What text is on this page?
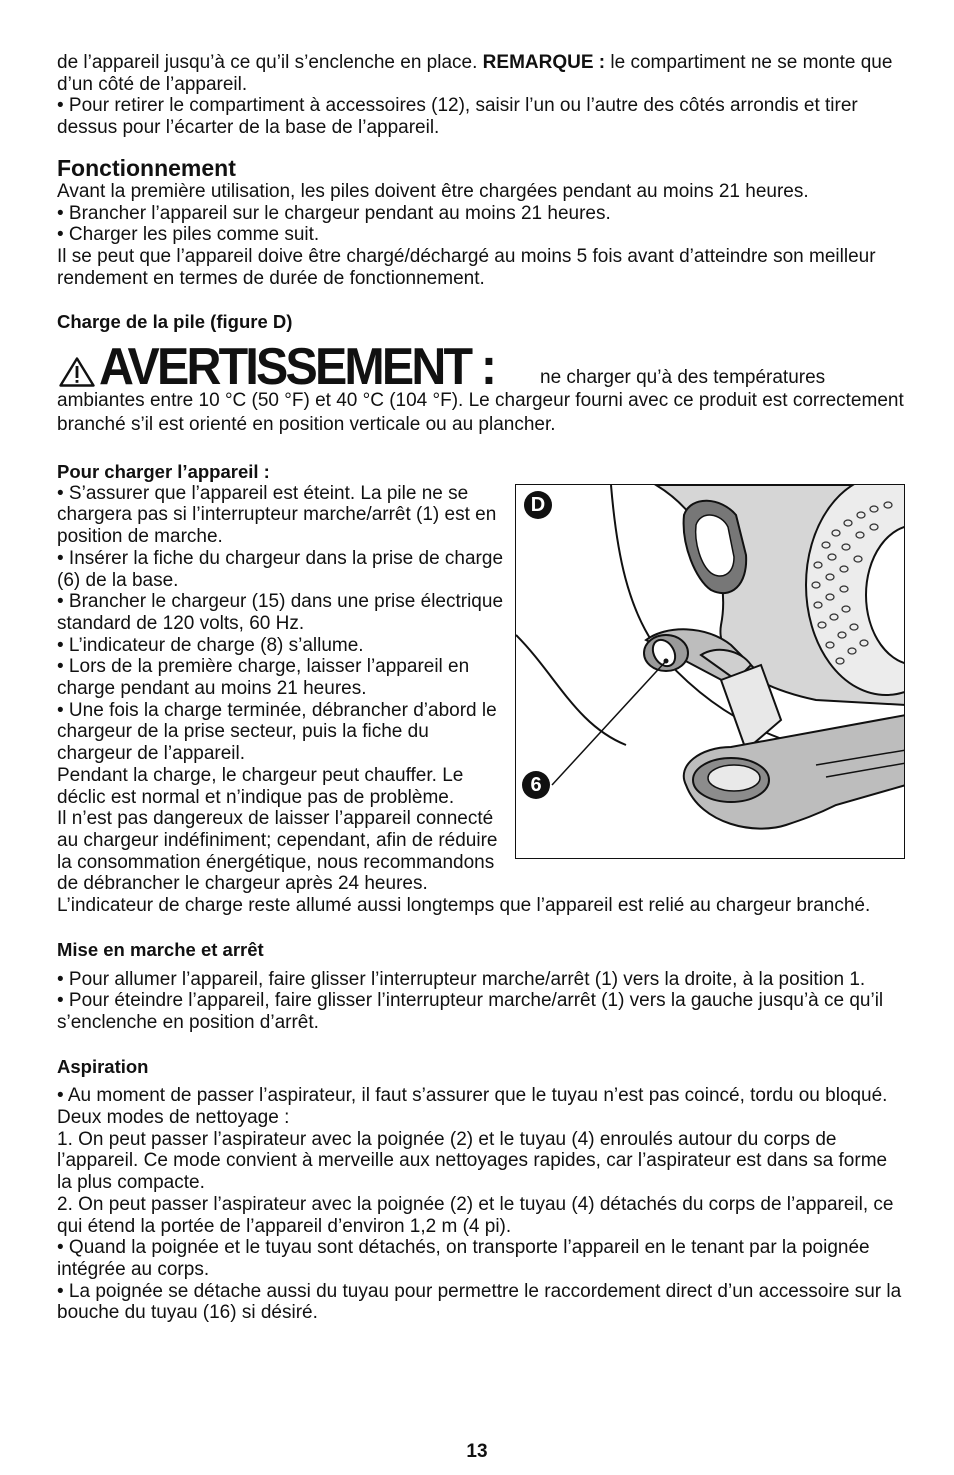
de l’appareil jusqu’à ce qu’il s’enclenche en place. REMARQUE : le compartiment ne se monte que d’un côté de l’appareil.

• Pour retirer le compartiment à accessoires (12), saisir l’un ou l’autre des côtés arrondis et tirer dessus pour l’écarter de la base de l’appareil.

Fonctionnement

Avant la première utilisation, les piles doivent être chargées pendant au moins 21 heures.

• Brancher l’appareil sur le chargeur pendant au moins 21 heures.

• Charger les piles comme suit.

Il se peut que l’appareil doive être chargé/déchargé au moins 5 fois avant d’atteindre son meilleur rendement en termes de durée de fonctionnement.

Charge de la pile (figure D)

AVERTISSEMENT : ne charger qu’à des températures

ambiantes entre 10 °C (50 °F) et 40 °C (104 °F). Le chargeur fourni avec ce produit est correctement branché s’il est orienté en position verticale ou au plancher.

Pour charger l’appareil :

D
6

• S’assurer que l’appareil est éteint. La pile ne se chargera pas si l’interrupteur marche/arrêt (1) est en position de marche.

• Insérer la fiche du chargeur dans la prise de charge (6) de la base.

• Brancher le chargeur (15) dans une prise électrique standard de 120 volts, 60 Hz.

• L’indicateur de charge (8) s’allume.

• Lors de la première charge, laisser l’appareil en charge pendant au moins 21 heures.

• Une fois la charge terminée, débrancher d’abord le chargeur de la prise secteur, puis la fiche du chargeur de l’appareil.

Pendant la charge, le chargeur peut chauffer. Le déclic est normal et n’indique pas de problème.

Il n’est pas dangereux de laisser l’appareil connecté au chargeur indéfiniment; cependant, afin de réduire la consommation énergétique, nous recommandons de débrancher le chargeur après 24 heures.

L’indicateur de charge reste allumé aussi longtemps que l’appareil est relié au chargeur branché.

Mise en marche et arrêt

• Pour allumer l’appareil, faire glisser l’interrupteur marche/arrêt (1) vers la droite, à la position 1.

• Pour éteindre l’appareil, faire glisser l’interrupteur marche/arrêt (1) vers la gauche jusqu’à ce qu’il s’enclenche en position d’arrêt.

Aspiration

• Au moment de passer l’aspirateur, il faut s’assurer que le tuyau n’est pas coincé, tordu ou bloqué.

Deux modes de nettoyage :

1. On peut passer l’aspirateur avec la poignée (2) et le tuyau (4) enroulés autour du corps de l’appareil. Ce mode convient à merveille aux nettoyages rapides, car l’aspirateur est dans sa forme la plus compacte.

2. On peut passer l’aspirateur avec la poignée (2) et le tuyau (4) détachés du corps de l’appareil, ce qui étend la portée de l’appareil d’environ 1,2 m (4 pi).

• Quand la poignée et le tuyau sont détachés, on transporte l’appareil en le tenant par la poignée intégrée au corps.

• La poignée se détache aussi du tuyau pour permettre le raccordement direct d’un accessoire sur la bouche du tuyau (16) si désiré.

13
